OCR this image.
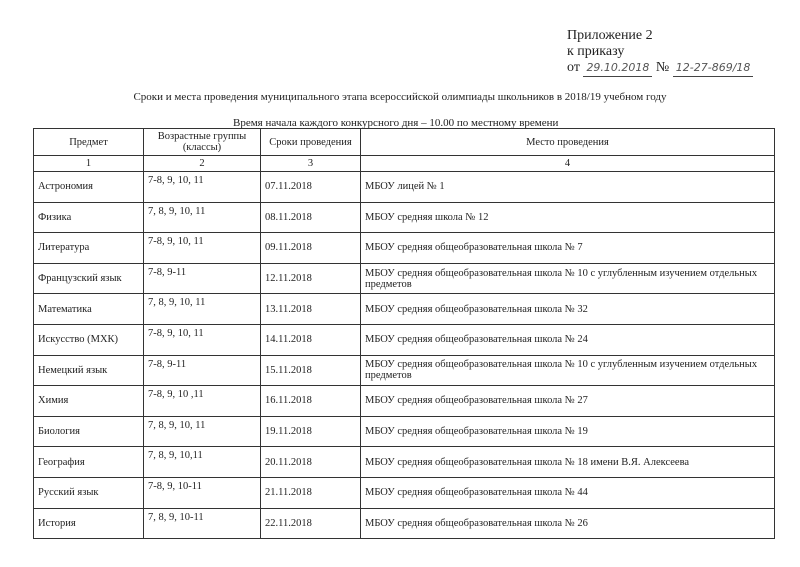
Приложение 2
к приказу
от 29.10.2018 № 12-27-869/18
Сроки и места проведения муниципального этапа всероссийской олимпиады школьников в 2018/19 учебном году
Время начала каждого конкурсного дня – 10.00 по местному времени
Предмет	Возрастные группы (классы)	Сроки проведения	Место проведения
1	2	3	4
Астрономия	7-8, 9, 10, 11	07.11.2018	МБОУ лицей № 1
Физика	7, 8, 9, 10, 11	08.11.2018	МБОУ средняя школа № 12
Литература	7-8, 9, 10, 11	09.11.2018	МБОУ средняя общеобразовательная школа № 7
Французский язык	7-8, 9-11	12.11.2018	МБОУ средняя общеобразовательная школа № 10 с углубленным изучением отдельных предметов
Математика	7, 8, 9, 10, 11	13.11.2018	МБОУ средняя общеобразовательная школа № 32
Искусство (МХК)	7-8, 9, 10, 11	14.11.2018	МБОУ средняя общеобразовательная школа № 24
Немецкий язык	7-8, 9-11	15.11.2018	МБОУ средняя общеобразовательная школа № 10 с углубленным изучением отдельных предметов
Химия	7-8, 9, 10 ,11	16.11.2018	МБОУ средняя общеобразовательная школа № 27
Биология	7, 8, 9, 10, 11	19.11.2018	МБОУ средняя общеобразовательная школа № 19
География	7, 8, 9, 10,11	20.11.2018	МБОУ средняя общеобразовательная школа № 18 имени В.Я. Алексеева
Русский язык	7-8, 9, 10-11	21.11.2018	МБОУ средняя общеобразовательная школа № 44
История	7, 8, 9, 10-11	22.11.2018	МБОУ средняя общеобразовательная школа № 26
